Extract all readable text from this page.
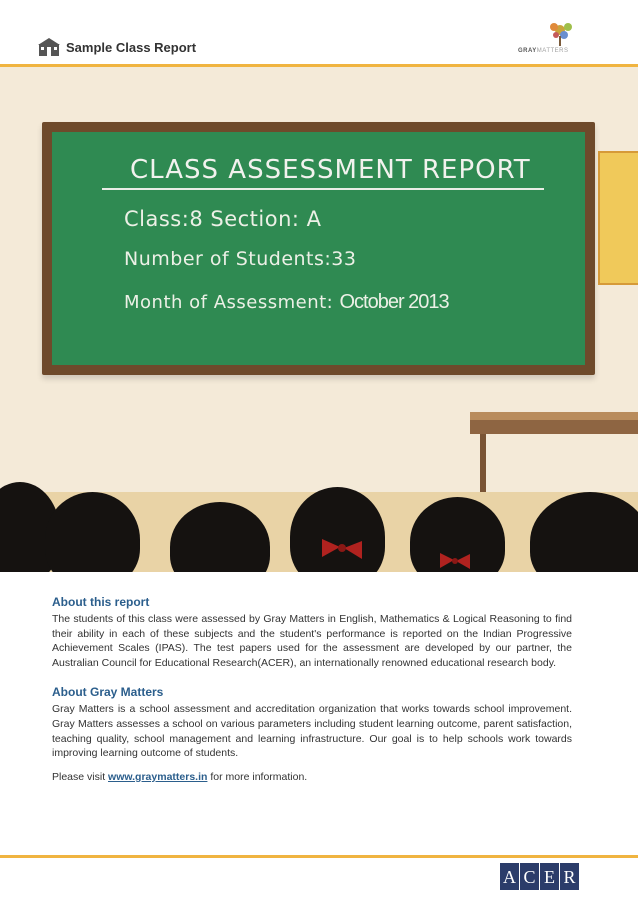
Sample Class Report	GRAYMATTERS
CLASS ASSESSMENT REPORT
Class:8 Section: A
Number of Students:33
Month of Assessment: October 2013
About this report

The students of this class were assessed by Gray Matters in English, Mathematics & Logical Reasoning to find their ability in each of these subjects and the student's performance is reported on the Indian Progressive Achievement Scales (IPAS). The test papers used for the assessment are developed by our partner, the Australian Council for Educational Research(ACER), an internationally renowned educational research body.

About Gray Matters

Gray Matters is a school assessment and accreditation organization that works towards school improvement. Gray Matters assesses a school on various parameters including student learning outcome, parent satisfaction, teaching quality, school management and learning infrastructure. Our goal is to help schools work towards improving learning outcome of students.

Please visit www.graymatters.in for more information.
A C E R
